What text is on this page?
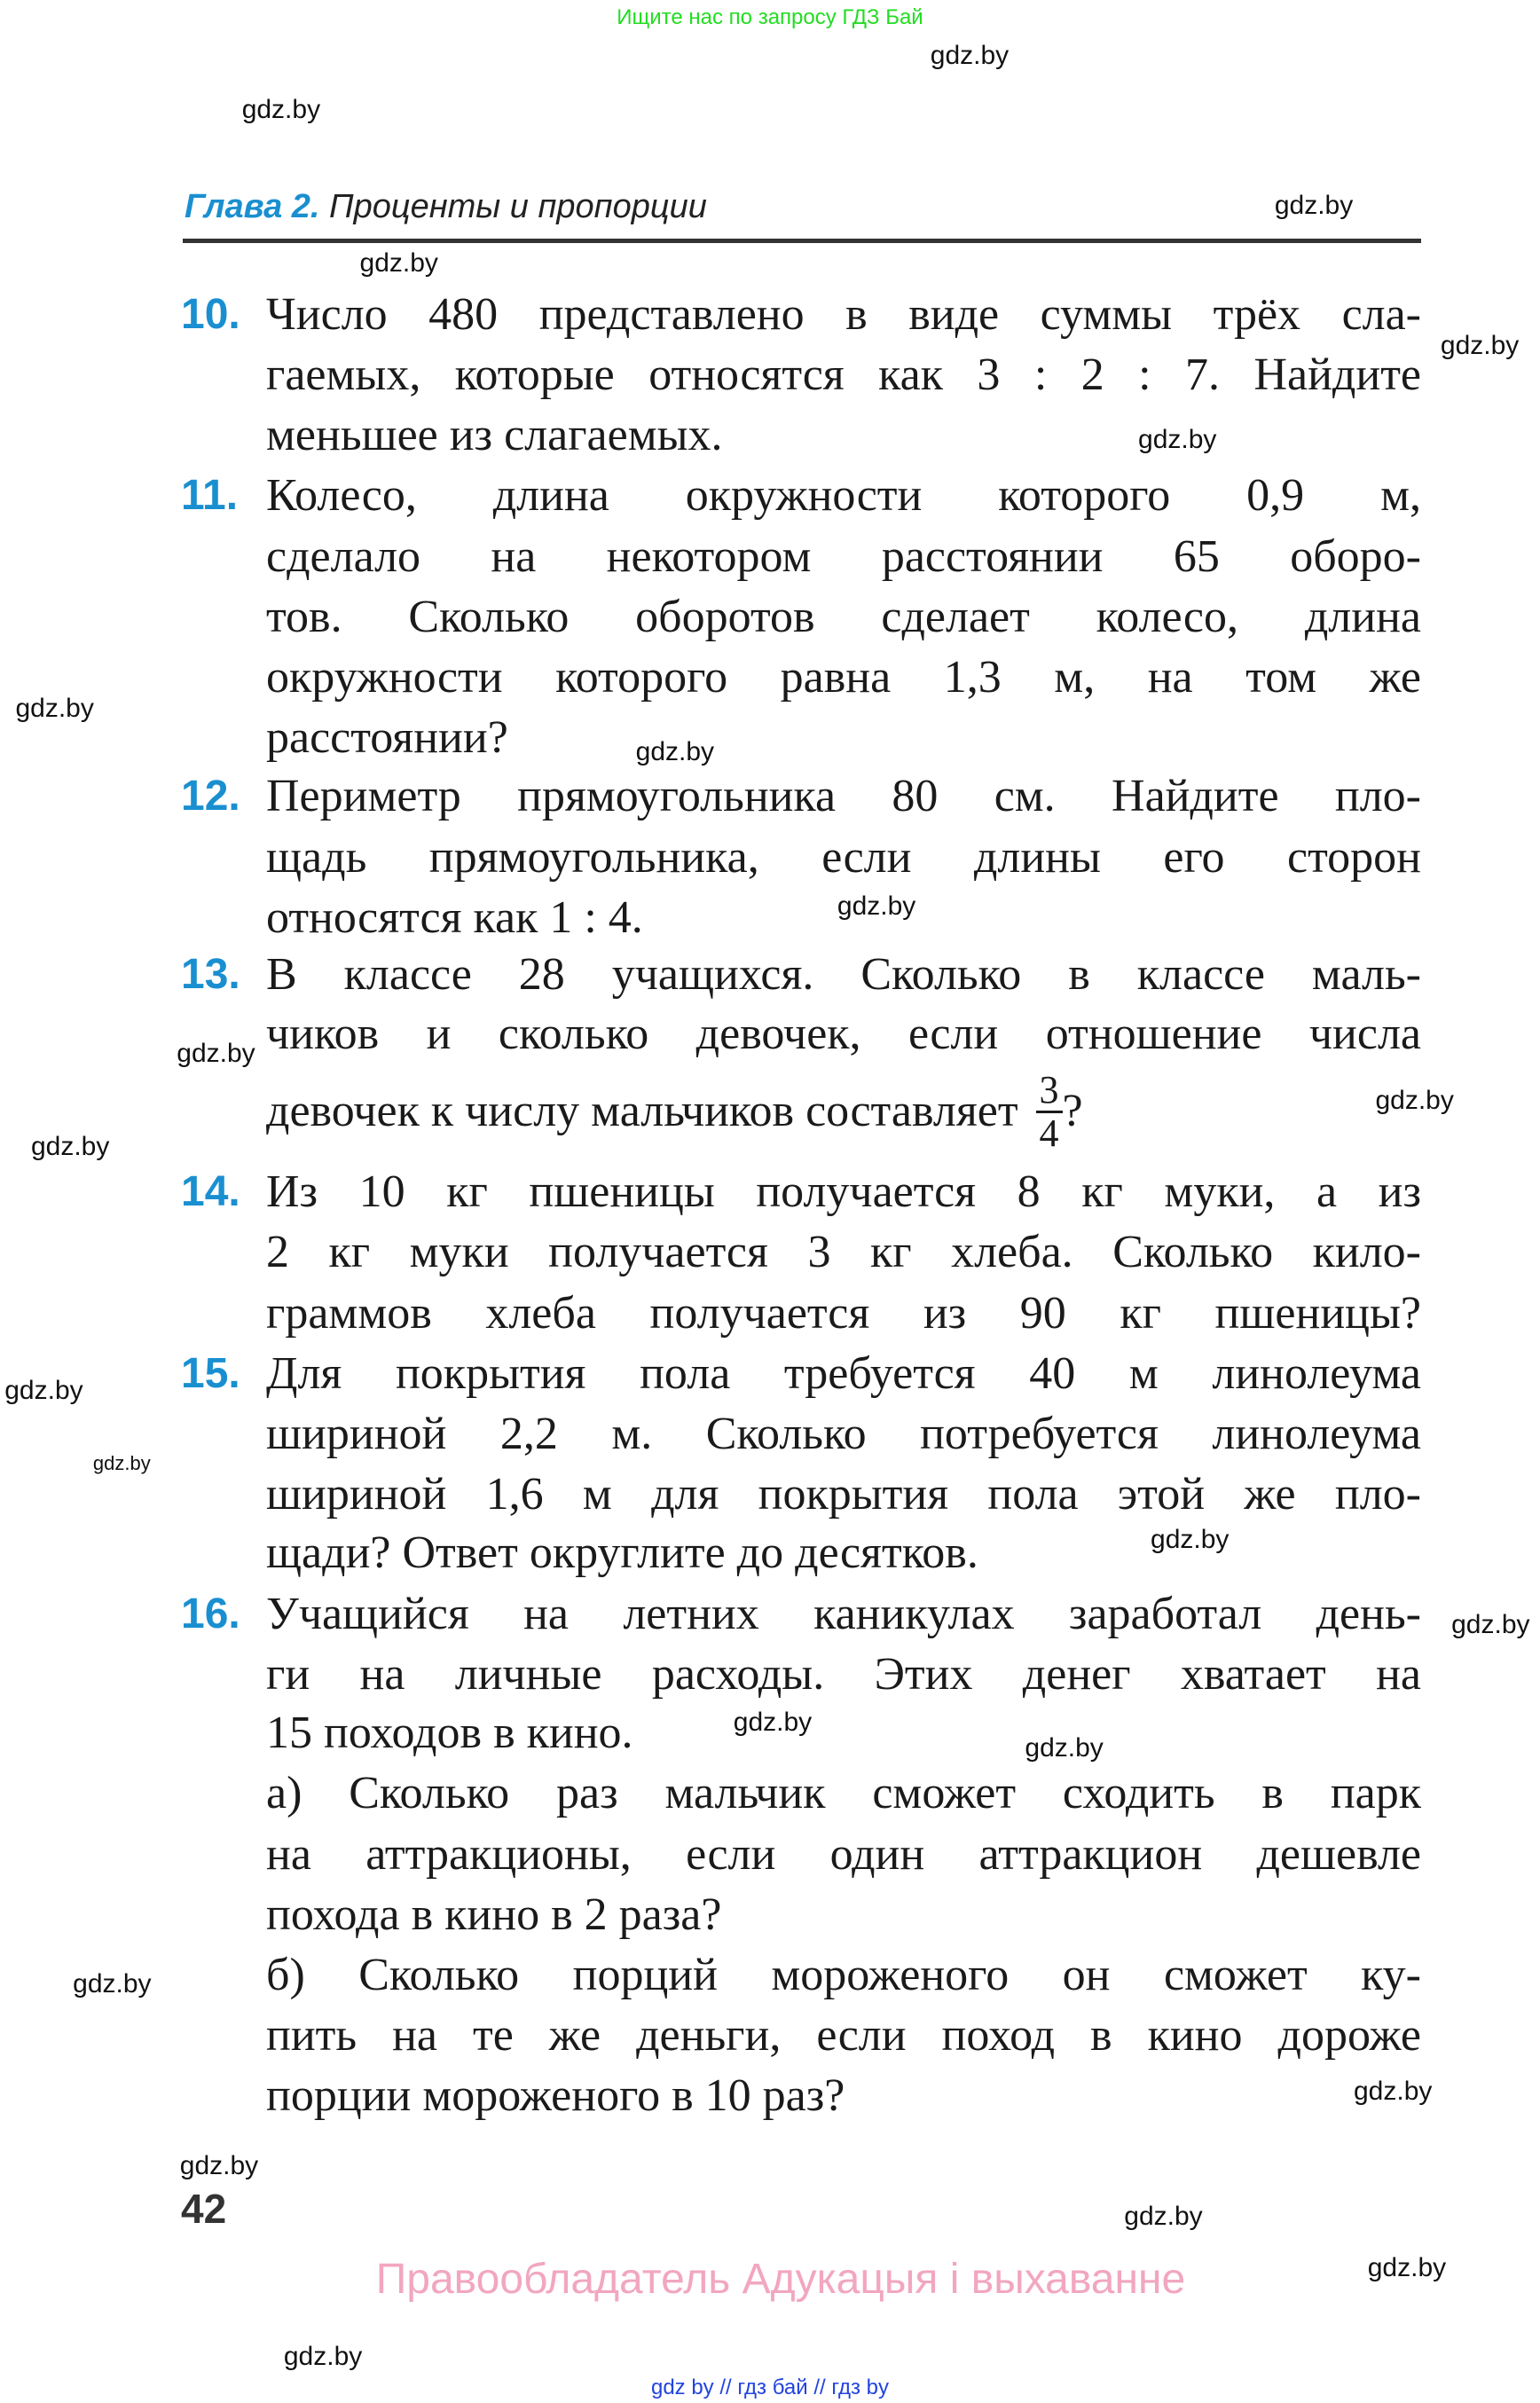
Ищите нас по запросу ГДЗ Бай
Глава 2. Проценты и пропорции
10. Число 480 представлено в виде суммы трёх сла-
гаемых, которые относятся как 3 : 2 : 7. Найдите
меньшее из слагаемых.
11. Колесо, длина окружности которого 0,9 м,
сделало на некотором расстоянии 65 оборо-
тов. Сколько оборотов сделает колесо, длина
окружности которого равна 1,3 м, на том же
расстоянии?
12. Периметр прямоугольника 80 см. Найдите пло-
щадь прямоугольника, если длины его сторон
относятся как 1 : 4.
13. В классе 28 учащихся. Сколько в классе маль-
чиков и сколько девочек, если отношение числа
девочек к числу мальчиков составляет $\frac{3}{4}$ ?
14. Из 10 кг пшеницы получается 8 кг муки, а из
2 кг муки получается 3 кг хлеба. Сколько кило-
граммов хлеба получается из 90 кг пшеницы?
15. Для покрытия пола требуется 40 м линолеума
шириной 2,2 м. Сколько потребуется линолеума
шириной 1,6 м для покрытия пола этой же пло-
щади? Ответ округлите до десятков.
16. Учащийся на летних каникулах заработал день-
ги на личные расходы. Этих денег хватает на
15 походов в кино.
а) Сколько раз мальчик сможет сходить в парк
на аттракционы, если один аттракцион дешевле
похода в кино в 2 раза?
б) Сколько порций мороженого он сможет ку-
пить на те же деньги, если поход в кино дороже
порции мороженого в 10 раз?
gdz.by
gdz.by
gdz.by
gdz.by
gdz.by
gdz.by
gdz.by
gdz.by
gdz.by
gdz.by
gdz.by
gdz.by
gdz.by
gdz.by
gdz.by
gdz.by
gdz.by
gdz.by
gdz.by
gdz.by
gdz.by
gdz.by
gdz.by
gdz.by
42
Правообладатель Адукацыя і выхаванне
gdz by // гдз бай // гдз by
